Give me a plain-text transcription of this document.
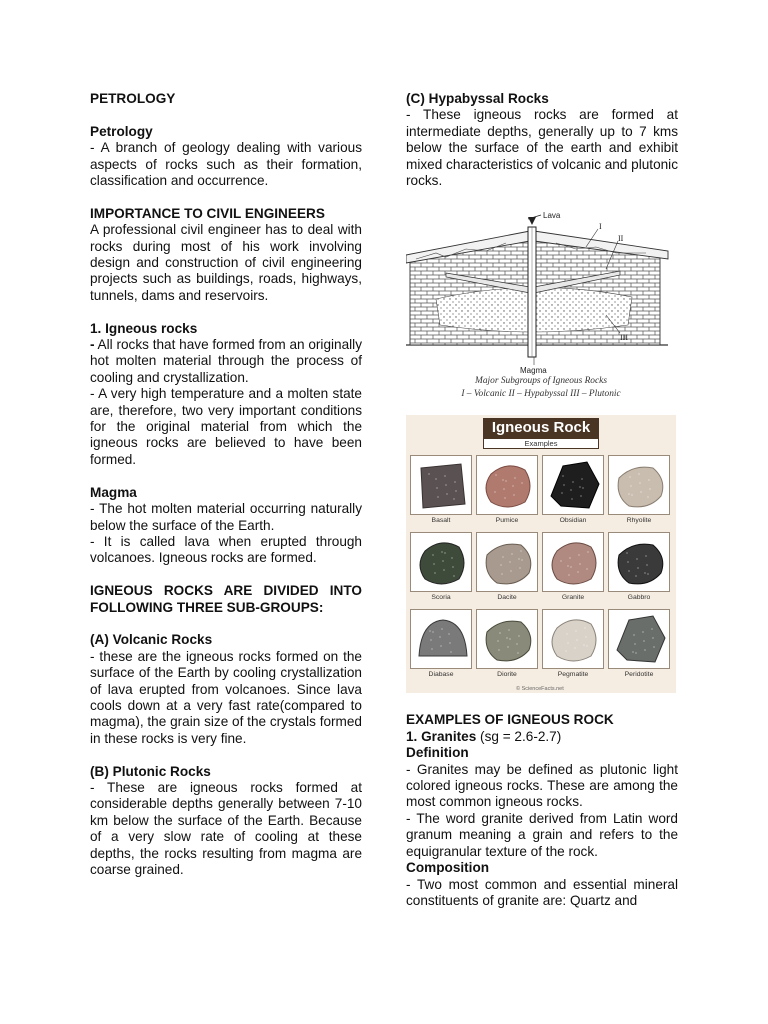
PETROLOGY

Petrology

- A branch of geology dealing with various aspects of rocks such as their formation, classification and occurrence.

IMPORTANCE TO CIVIL ENGINEERS

A professional civil engineer has to deal with rocks during most of his work involving design and construction of civil engineering projects such as buildings, roads, highways, tunnels, dams and reservoirs.

1. Igneous rocks

- All rocks that have formed from an originally hot molten material through the process of cooling and crystallization.

- A very high temperature and a molten state are, therefore, two very important conditions for the original material from which the igneous rocks are believed to have been formed.

Magma

- The hot molten material occurring naturally below the surface of the Earth.

- It is called lava when erupted through volcanoes. Igneous rocks are formed.

IGNEOUS ROCKS ARE DIVIDED INTO FOLLOWING THREE SUB-GROUPS:

(A) Volcanic Rocks

- these are the igneous rocks formed on the surface of the Earth by cooling crystallization of lava erupted from volcanoes. Since lava cools down at a very fast rate(compared to magma), the grain size of the crystals formed in these rocks is very fine.

(B) Plutonic Rocks

- These are igneous rocks formed at considerable depths generally between 7-10 km below the surface of the Earth. Because of a very slow rate of cooling at these depths, the rocks resulting from magma are coarse grained.

(C) Hypabyssal Rocks

- These igneous rocks are formed at intermediate depths, generally up to 7 kms below the surface of the earth and exhibit mixed characteristics of volcanic and plutonic rocks.

Lava
I
II
III
Magma
Major Subgroups of Igneous Rocks
I – Volcanic II – Hypabyssal III – Plutonic
Igneous Rock
Examples
Basalt	Pumice	Obsidian	Rhyolite
Scoria	Dacite	Granite	Gabbro
Diabase	Diorite	Pegmatite	Peridotite
© ScienceFacts.net

EXAMPLES OF IGNEOUS ROCK

1. Granites (sg = 2.6-2.7)

Definition

- Granites may be defined as plutonic light colored igneous rocks. These are among the most common igneous rocks.

- The word granite derived from Latin word granum meaning a grain and refers to the equigranular texture of the rock.

Composition

- Two most common and essential mineral constituents of granite are: Quartz and
